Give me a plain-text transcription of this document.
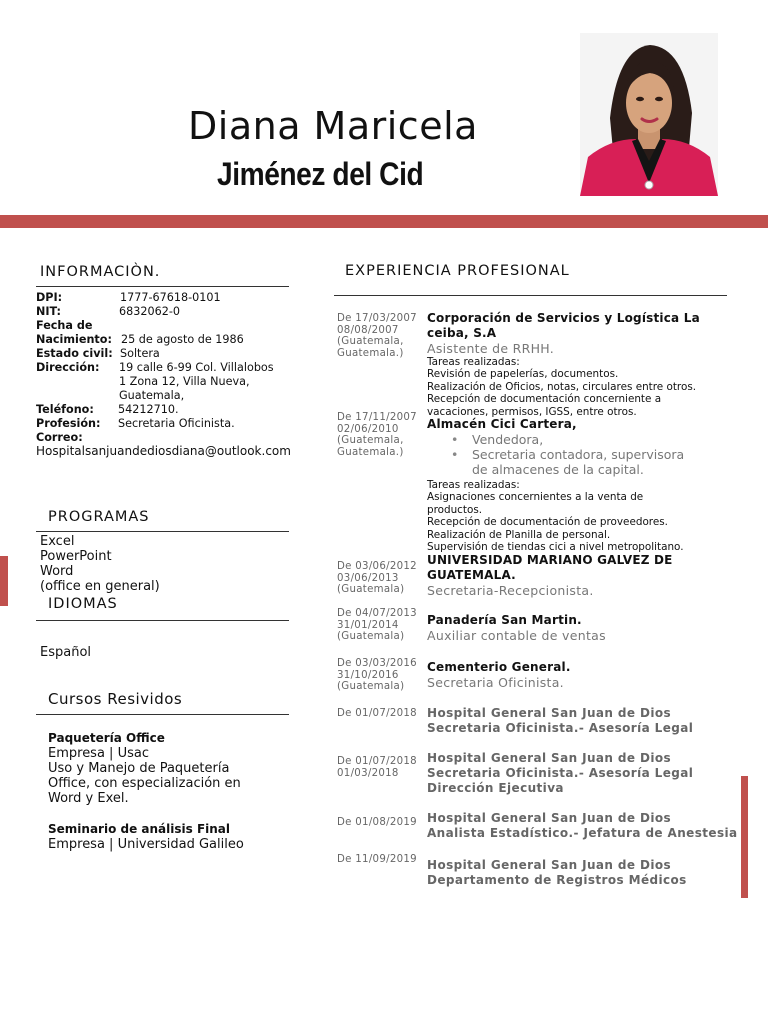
Diana Maricela
Jiménez del Cid
INFORMACIÒN.
DPI:	1777-67618-0101
NIT:	6832062-0
Fecha de
Nacimiento: 25 de agosto de 1986
Estado civil: Soltera
Dirección: 19 calle 6-99 Col. Villalobos
1 Zona 12, Villa Nueva,
Guatemala,
Teléfono: 54212710.
Profesión: Secretaria Oficinista.
Correo:
Hospitalsanjuandediosdiana@outlook.com
PROGRAMAS
Excel
PowerPoint
Word
(office en general)
IDIOMAS
Español
Cursos Resividos
Paquetería Office
Empresa | Usac
Uso y Manejo de Paquetería
Office, con especialización en
Word y Exel.
Seminario de análisis Final
Empresa | Universidad Galileo
EXPERIENCIA PROFESIONAL
De 17/03/2007
08/08/2007
(Guatemala,
Guatemala.)
Corporación de Servicios y Logística La
ceiba, S.A
Asistente de RRHH.
Tareas realizadas:
Revisión de papelerías, documentos.
Realización de Oficios, notas, circulares entre otros.
Recepción de documentación concerniente a
vacaciones, permisos, IGSS, entre otros.
De 17/11/2007
02/06/2010
(Guatemala,
Guatemala.)
Almacén Cici Cartera,
• Vendedora,
• Secretaria contadora, supervisora
de almacenes de la capital.
Tareas realizadas:
Asignaciones concernientes a la venta de
productos.
Recepción de documentación de proveedores.
Realización de Planilla de personal.
Supervisión de tiendas cici a nivel metropolitano.
De 03/06/2012
03/06/2013
(Guatemala)
UNIVERSIDAD MARIANO GALVEZ DE
GUATEMALA.
Secretaria-Recepcionista.
De 04/07/2013
31/01/2014
(Guatemala)
Panadería San Martin.
Auxiliar contable de ventas
De 03/03/2016
31/10/2016
(Guatemala)
Cementerio General.
Secretaria Oficinista.
De 01/07/2018 Hospital General San Juan de Dios
Secretaria Oficinista.- Asesoría Legal
De 01/07/2018
01/03/2018
Hospital General San Juan de Dios
Secretaria Oficinista.- Asesoría Legal
Dirección Ejecutiva
De 01/08/2019 Hospital General San Juan de Dios
Analista Estadístico.- Jefatura de Anestesia
De 11/09/2019 Hospital General San Juan de Dios
Departamento de Registros Médicos
